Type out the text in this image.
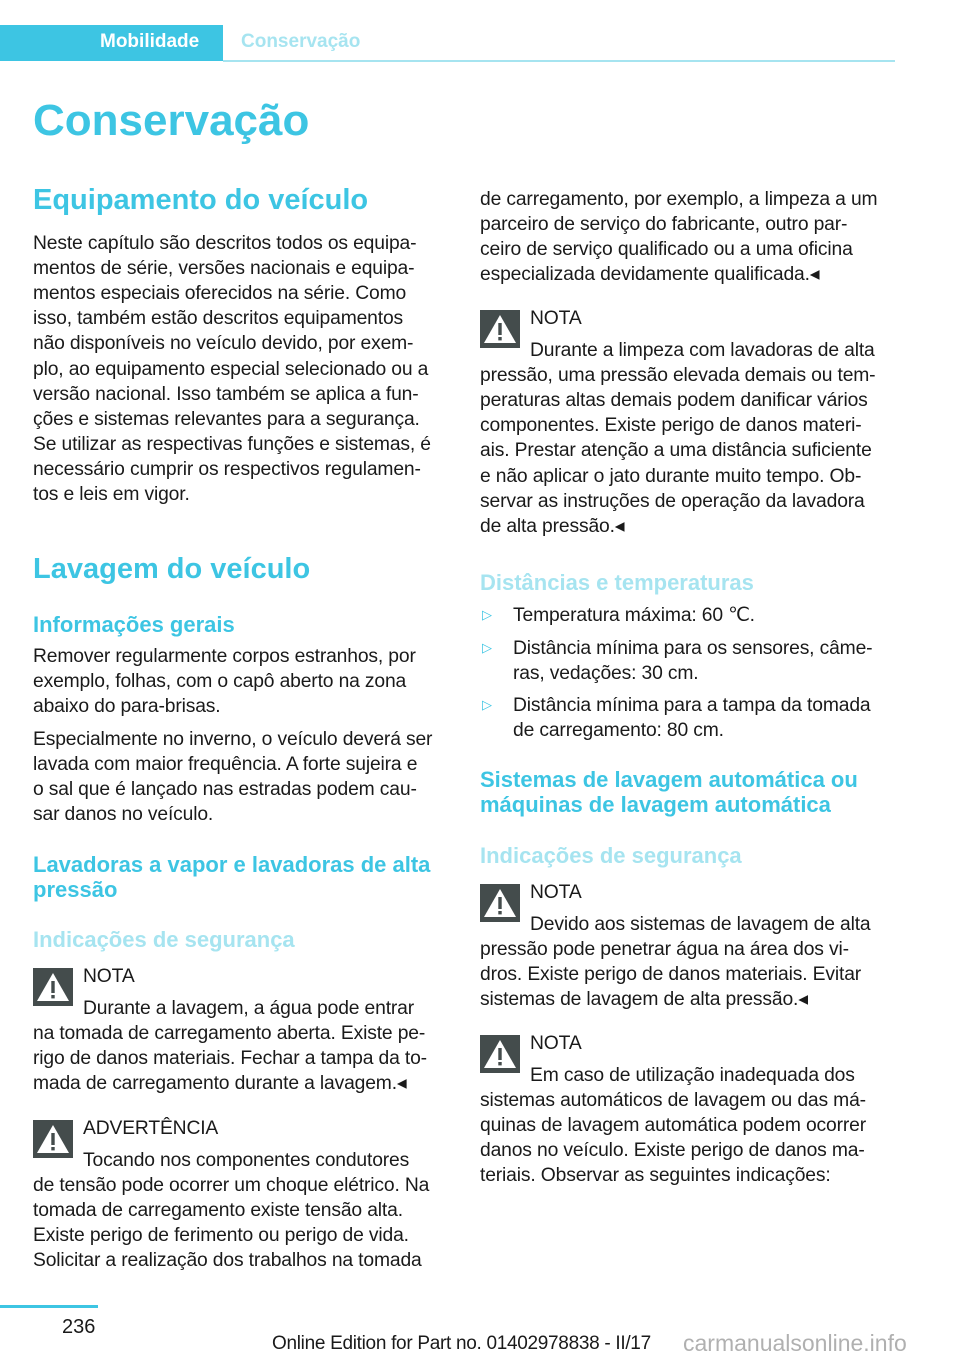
Mobilidade Conservação
Conservação
Equipamento do veículo
Neste capítulo são descritos todos os equipa-
mentos de série, versões nacionais e equipa-
mentos especiais oferecidos na série. Como
isso, também estão descritos equipamentos
não disponíveis no veículo devido, por exem-
plo, ao equipamento especial selecionado ou a
versão nacional. Isso também se aplica a fun-
ções e sistemas relevantes para a segurança.
Se utilizar as respectivas funções e sistemas, é
necessário cumprir os respectivos regulamen-
tos e leis em vigor.
Lavagem do veículo
Informações gerais
Remover regularmente corpos estranhos, por
exemplo, folhas, com o capô aberto na zona
abaixo do para-brisas.
Especialmente no inverno, o veículo deverá ser
lavada com maior frequência. A forte sujeira e
o sal que é lançado nas estradas podem cau-
sar danos no veículo.
Lavadoras a vapor e lavadoras de alta
pressão
Indicações de segurança
NOTA
Durante a lavagem, a água pode entrar
na tomada de carregamento aberta. Existe pe-
rigo de danos materiais. Fechar a tampa da to-
mada de carregamento durante a lavagem.◂
ADVERTÊNCIA
Tocando nos componentes condutores
de tensão pode ocorrer um choque elétrico. Na
tomada de carregamento existe tensão alta.
Existe perigo de ferimento ou perigo de vida.
Solicitar a realização dos trabalhos na tomada
de carregamento, por exemplo, a limpeza a um
parceiro de serviço do fabricante, outro par-
ceiro de serviço qualificado ou a uma oficina
especializada devidamente qualificada.◂
NOTA
Durante a limpeza com lavadoras de alta
pressão, uma pressão elevada demais ou tem-
peraturas altas demais podem danificar vários
componentes. Existe perigo de danos materi-
ais. Prestar atenção a uma distância suficiente
e não aplicar o jato durante muito tempo. Ob-
servar as instruções de operação da lavadora
de alta pressão.◂
Distâncias e temperaturas
▷ Temperatura máxima: 60 ℃.
▷ Distância mínima para os sensores, câme-
ras, vedações: 30 cm.
▷ Distância mínima para a tampa da tomada
de carregamento: 80 cm.
Sistemas de lavagem automática ou
máquinas de lavagem automática
Indicações de segurança
NOTA
Devido aos sistemas de lavagem de alta
pressão pode penetrar água na área dos vi-
dros. Existe perigo de danos materiais. Evitar
sistemas de lavagem de alta pressão.◂
NOTA
Em caso de utilização inadequada dos
sistemas automáticos de lavagem ou das má-
quinas de lavagem automática podem ocorrer
danos no veículo. Existe perigo de danos ma-
teriais. Observar as seguintes indicações:
236
Online Edition for Part no. 01402978838 - II/17 carmanualsonline.info
